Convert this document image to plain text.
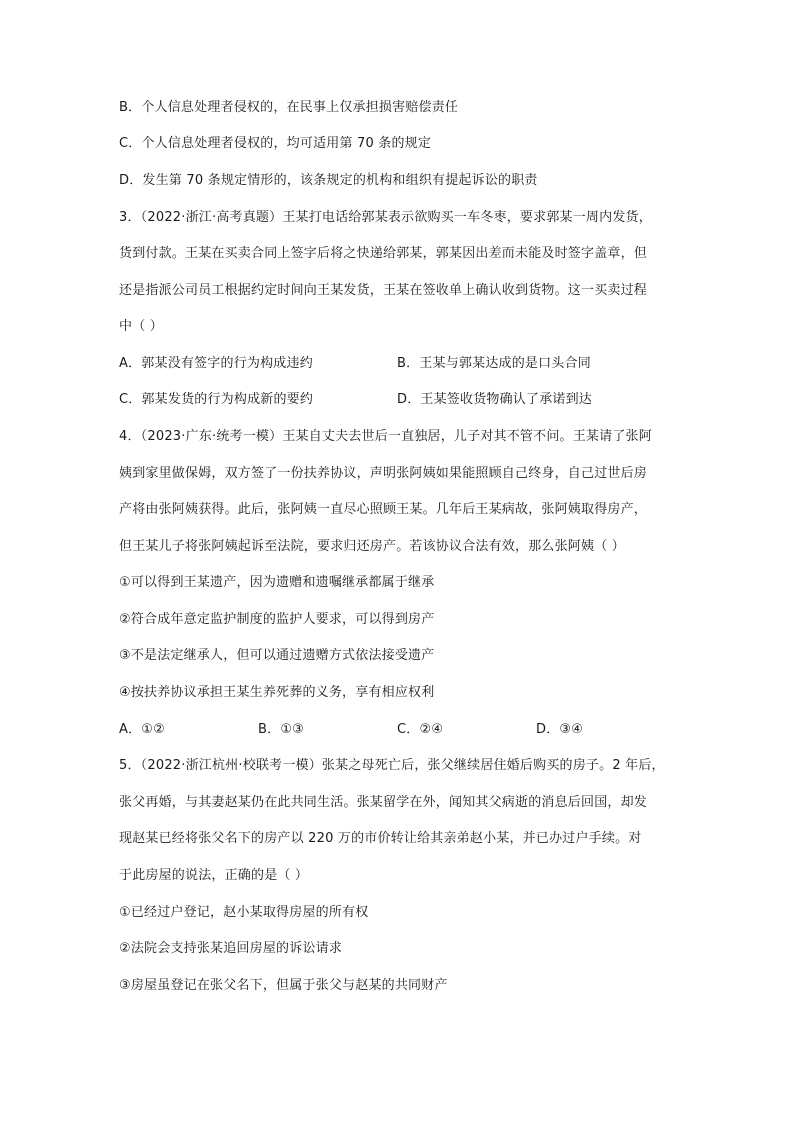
B．个人信息处理者侵权的，在民事上仅承担损害赔偿责任
C．个人信息处理者侵权的，均可适用第 70 条的规定
D．发生第 70 条规定情形的，该条规定的机构和组织有提起诉讼的职责
3．（2022·浙江·高考真题）王某打电话给郭某表示欲购买一车冬枣，要求郭某一周内发货，
货到付款。王某在买卖合同上签字后将之快递给郭某，郭某因出差而未能及时签字盖章，但
还是指派公司员工根据约定时间向王某发货，王某在签收单上确认收到货物。这一买卖过程
中（ ）
A．郭某没有签字的行为构成违约	B．王某与郭某达成的是口头合同
C．郭某发货的行为构成新的要约	D．王某签收货物确认了承诺到达
4．（2023·广东·统考一模）王某自丈夫去世后一直独居，儿子对其不管不问。王某请了张阿
姨到家里做保姆，双方签了一份扶养协议，声明张阿姨如果能照顾自己终身，自己过世后房
产将由张阿姨获得。此后，张阿姨一直尽心照顾王某。几年后王某病故，张阿姨取得房产，
但王某儿子将张阿姨起诉至法院，要求归还房产。若该协议合法有效，那么张阿姨（ ）
①可以得到王某遗产，因为遗赠和遗嘱继承都属于继承
②符合成年意定监护制度的监护人要求，可以得到房产
③不是法定继承人，但可以通过遗赠方式依法接受遗产
④按扶养协议承担王某生养死葬的义务，享有相应权利
A．①②	B．①③	C．②④	D．③④
5．（2022·浙江杭州·校联考一模）张某之母死亡后，张父继续居住婚后购买的房子。2 年后，
张父再婚，与其妻赵某仍在此共同生活。张某留学在外，闻知其父病逝的消息后回国，却发
现赵某已经将张父名下的房产以 220 万的市价转让给其亲弟赵小某，并已办过户手续。对
于此房屋的说法，正确的是（ ）
①已经过户登记，赵小某取得房屋的所有权
②法院会支持张某追回房屋的诉讼请求
③房屋虽登记在张父名下，但属于张父与赵某的共同财产
